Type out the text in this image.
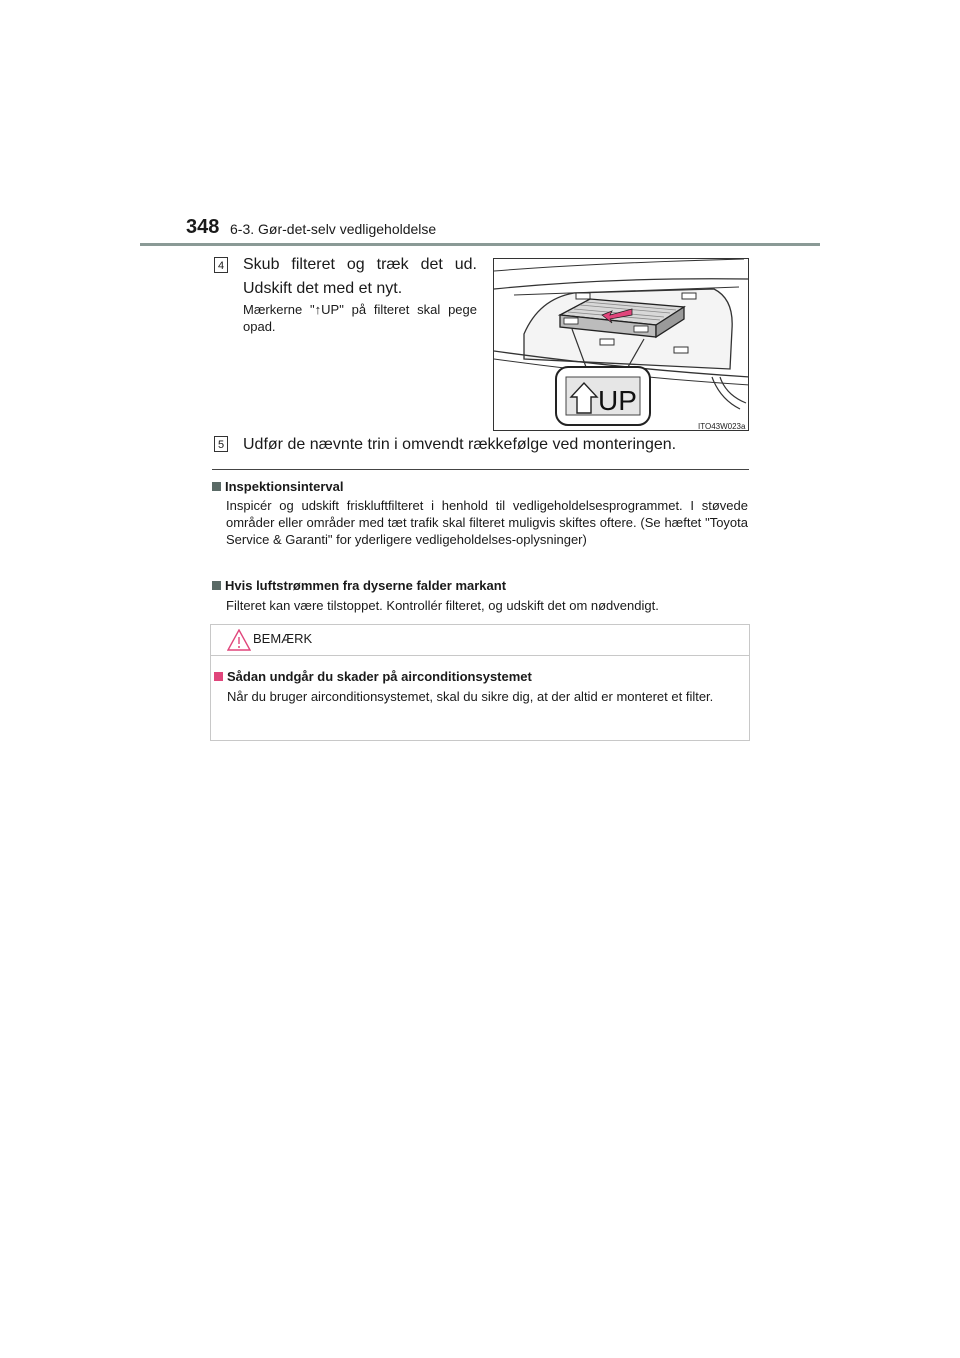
348 6-3. Gør-det-selv vedligeholdelse
4 Skub filteret og træk det ud. Udskift det med et nyt.
Mærkerne "↑UP" på filteret skal pege opad.
UP
ITO43W023a
5 Udfør de nævnte trin i omvendt rækkefølge ved monteringen.
Inspektionsinterval
Inspicér og udskift friskluftfilteret i henhold til vedligeholdelsesprogrammet. I støvede områder eller områder med tæt trafik skal filteret muligvis skiftes oftere. (Se hæftet "Toyota Service & Garanti" for yderligere vedligeholdelses-oplysninger)
Hvis luftstrømmen fra dyserne falder markant
Filteret kan være tilstoppet. Kontrollér filteret, og udskift det om nødvendigt.
BEMÆRK
Sådan undgår du skader på airconditionsystemet
Når du bruger airconditionsystemet, skal du sikre dig, at der altid er monteret et filter.
